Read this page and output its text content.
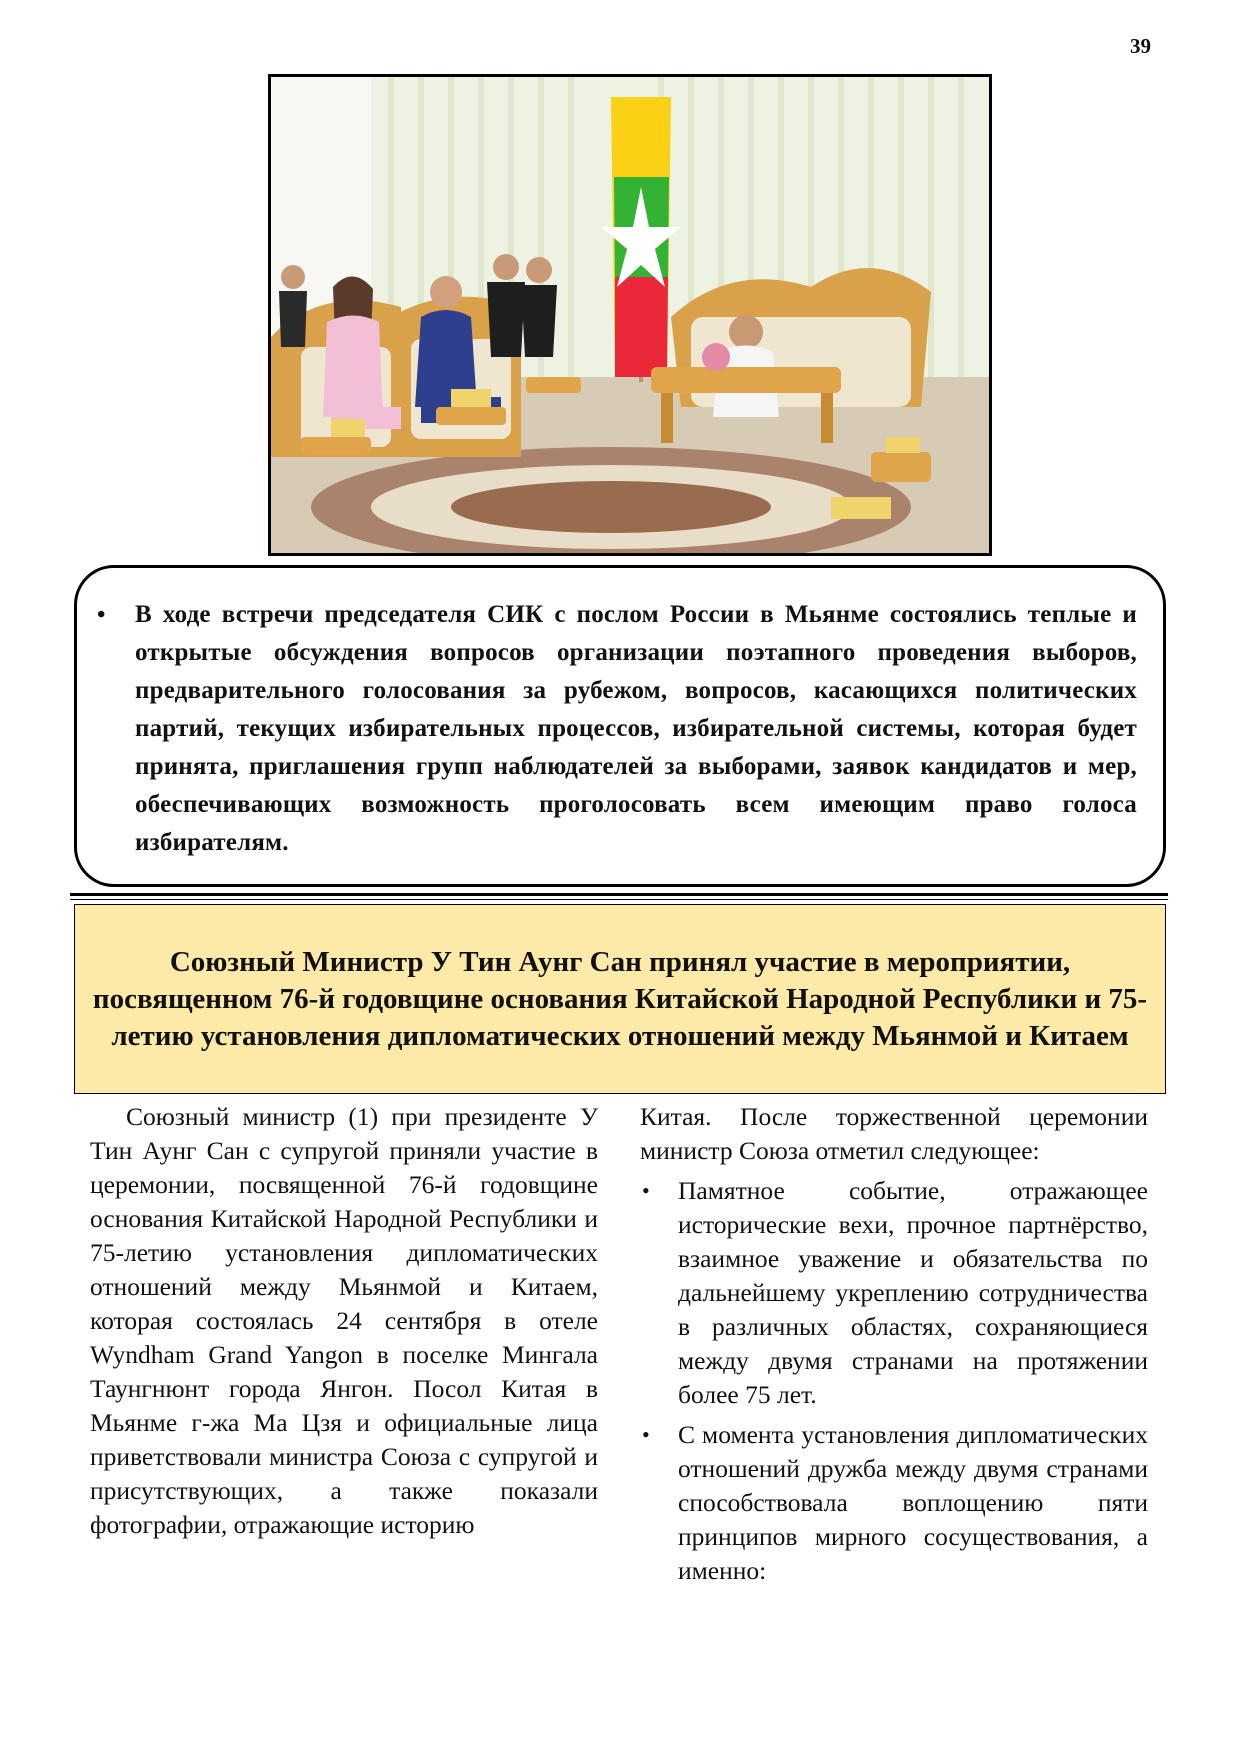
39
• В ходе встречи председателя СИК с послом России в Мьянме состоялись теплые и открытые обсуждения вопросов организации поэтапного проведения выборов, предварительного голосования за рубежом, вопросов, касающихся политических партий, текущих избирательных процессов, избирательной системы, которая будет принята, приглашения групп наблюдателей за выборами, заявок кандидатов и мер, обеспечивающих возможность проголосовать всем имеющим право голоса избирателям.
Союзный Министр У Тин Аунг Сан принял участие в мероприятии, посвященном 76-й годовщине основания Китайской Народной Республики и 75-летию установления дипломатических отношений между Мьянмой и Китаем

Союзный министр (1) при президенте У Тин Аунг Сан с супругой приняли участие в церемонии, посвященной 76-й годовщине основания Китайской Народной Республики и 75-летию установления дипломатических отношений между Мьянмой и Китаем, которая состоялась 24 сентября в отеле Wyndham Grand Yangon в поселке Мингала Таунгнюнт города Янгон. Посол Китая в Мьянме г-жа Ма Цзя и официальные лица приветствовали министра Союза с супругой и присутствующих, а также показали фотографии, отражающие историю

Китая. После торжественной церемонии министр Союза отметил следующее:

• Памятное событие, отражающее исторические вехи, прочное партнёрство, взаимное уважение и обязательства по дальнейшему укреплению сотрудничества в различных областях, сохраняющиеся между двумя странами на протяжении более 75 лет.
• С момента установления дипломатических отношений дружба между двумя странами способствовала воплощению пяти принципов мирного сосуществования, а именно:
